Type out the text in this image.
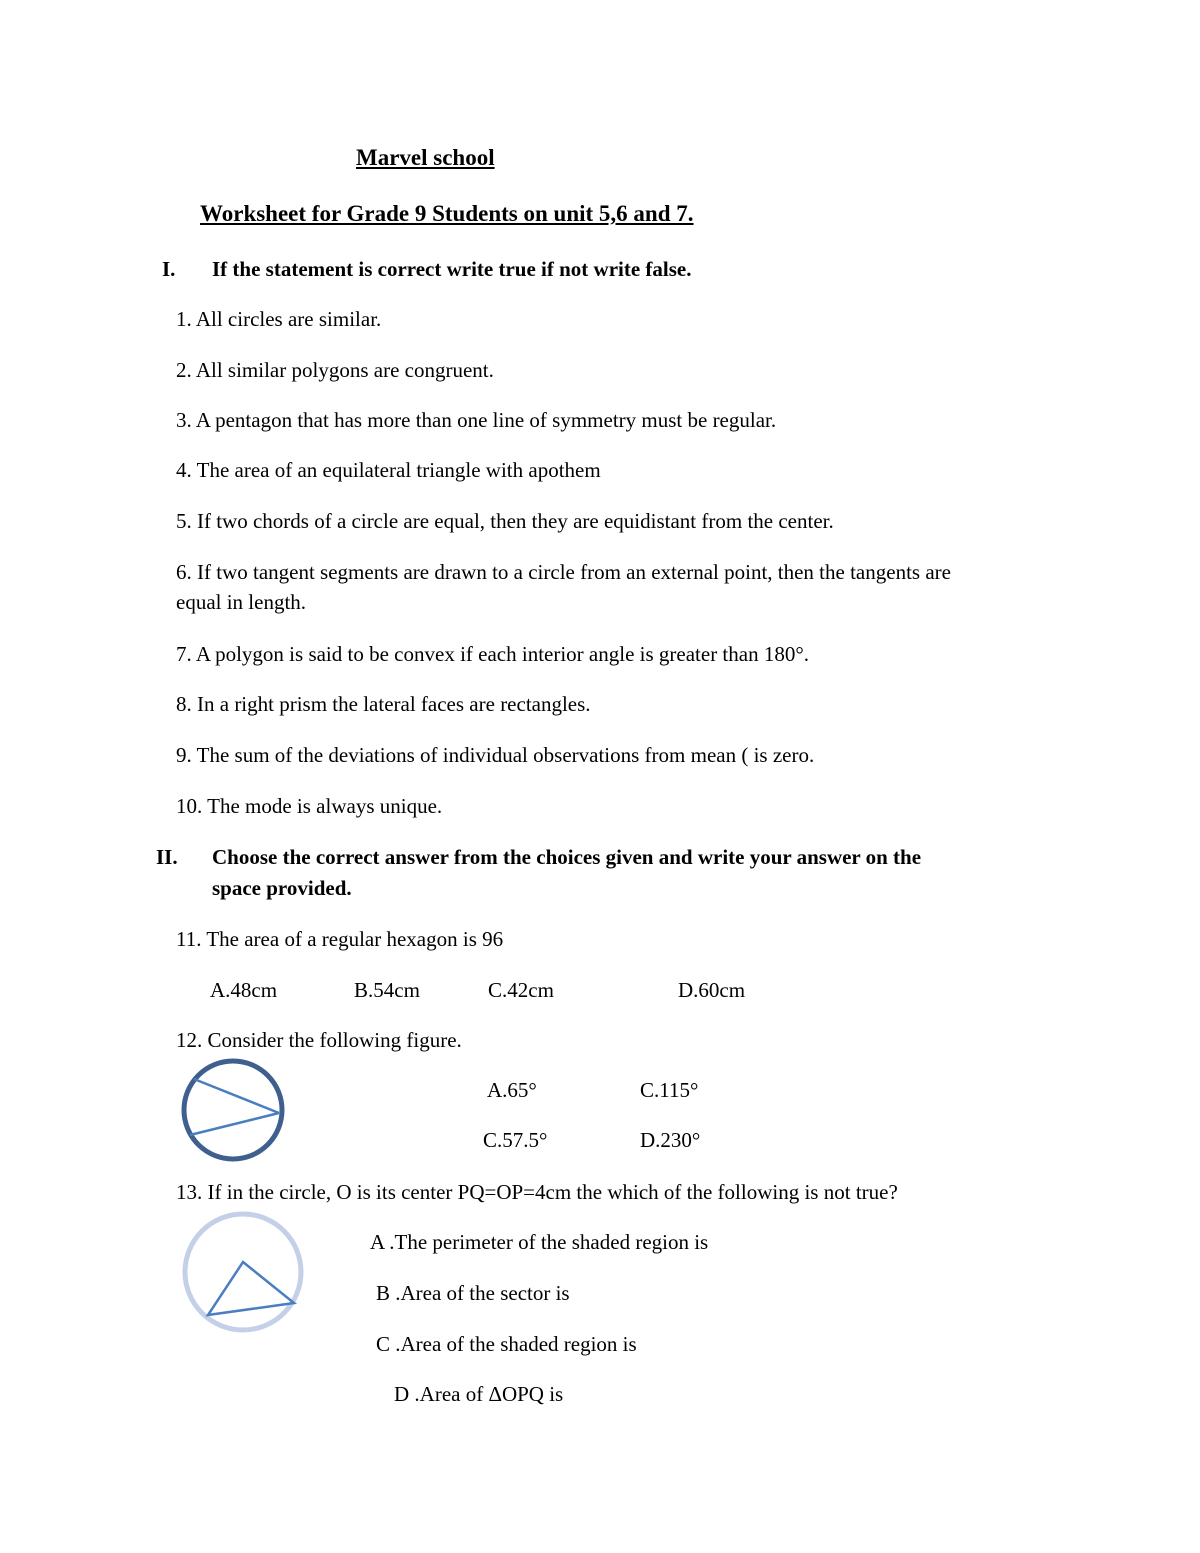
Marvel school
Worksheet for Grade 9 Students on unit 5,6 and 7.
I. If the statement is correct write true if not write false.
1. All circles are similar.
2. All similar polygons are congruent.
3. A pentagon that has more than one line of symmetry must be regular.
4. The area of an equilateral triangle with apothem
5. If two chords of a circle are equal, then they are equidistant from the center.
6. If two tangent segments are drawn to a circle from an external point, then the tangents are
equal in length.
7. A polygon is said to be convex if each interior angle is greater than 180°.
8. In a right prism the lateral faces are rectangles.
9. The sum of the deviations of individual observations from mean ( is zero.
10. The mode is always unique.
II. Choose the correct answer from the choices given and write your answer on the
space provided.
11. The area of a regular hexagon is 96
A.48cm	B.54cm	C.42cm	D.60cm
12. Consider the following figure.
A.65°	C.115°
C.57.5°	D.230°
13. If in the circle, O is its center PQ=OP=4cm the which of the following is not true?
A .The perimeter of the shaded region is
B .Area of the sector is
C .Area of the shaded region is
D .Area of ΔOPQ is
